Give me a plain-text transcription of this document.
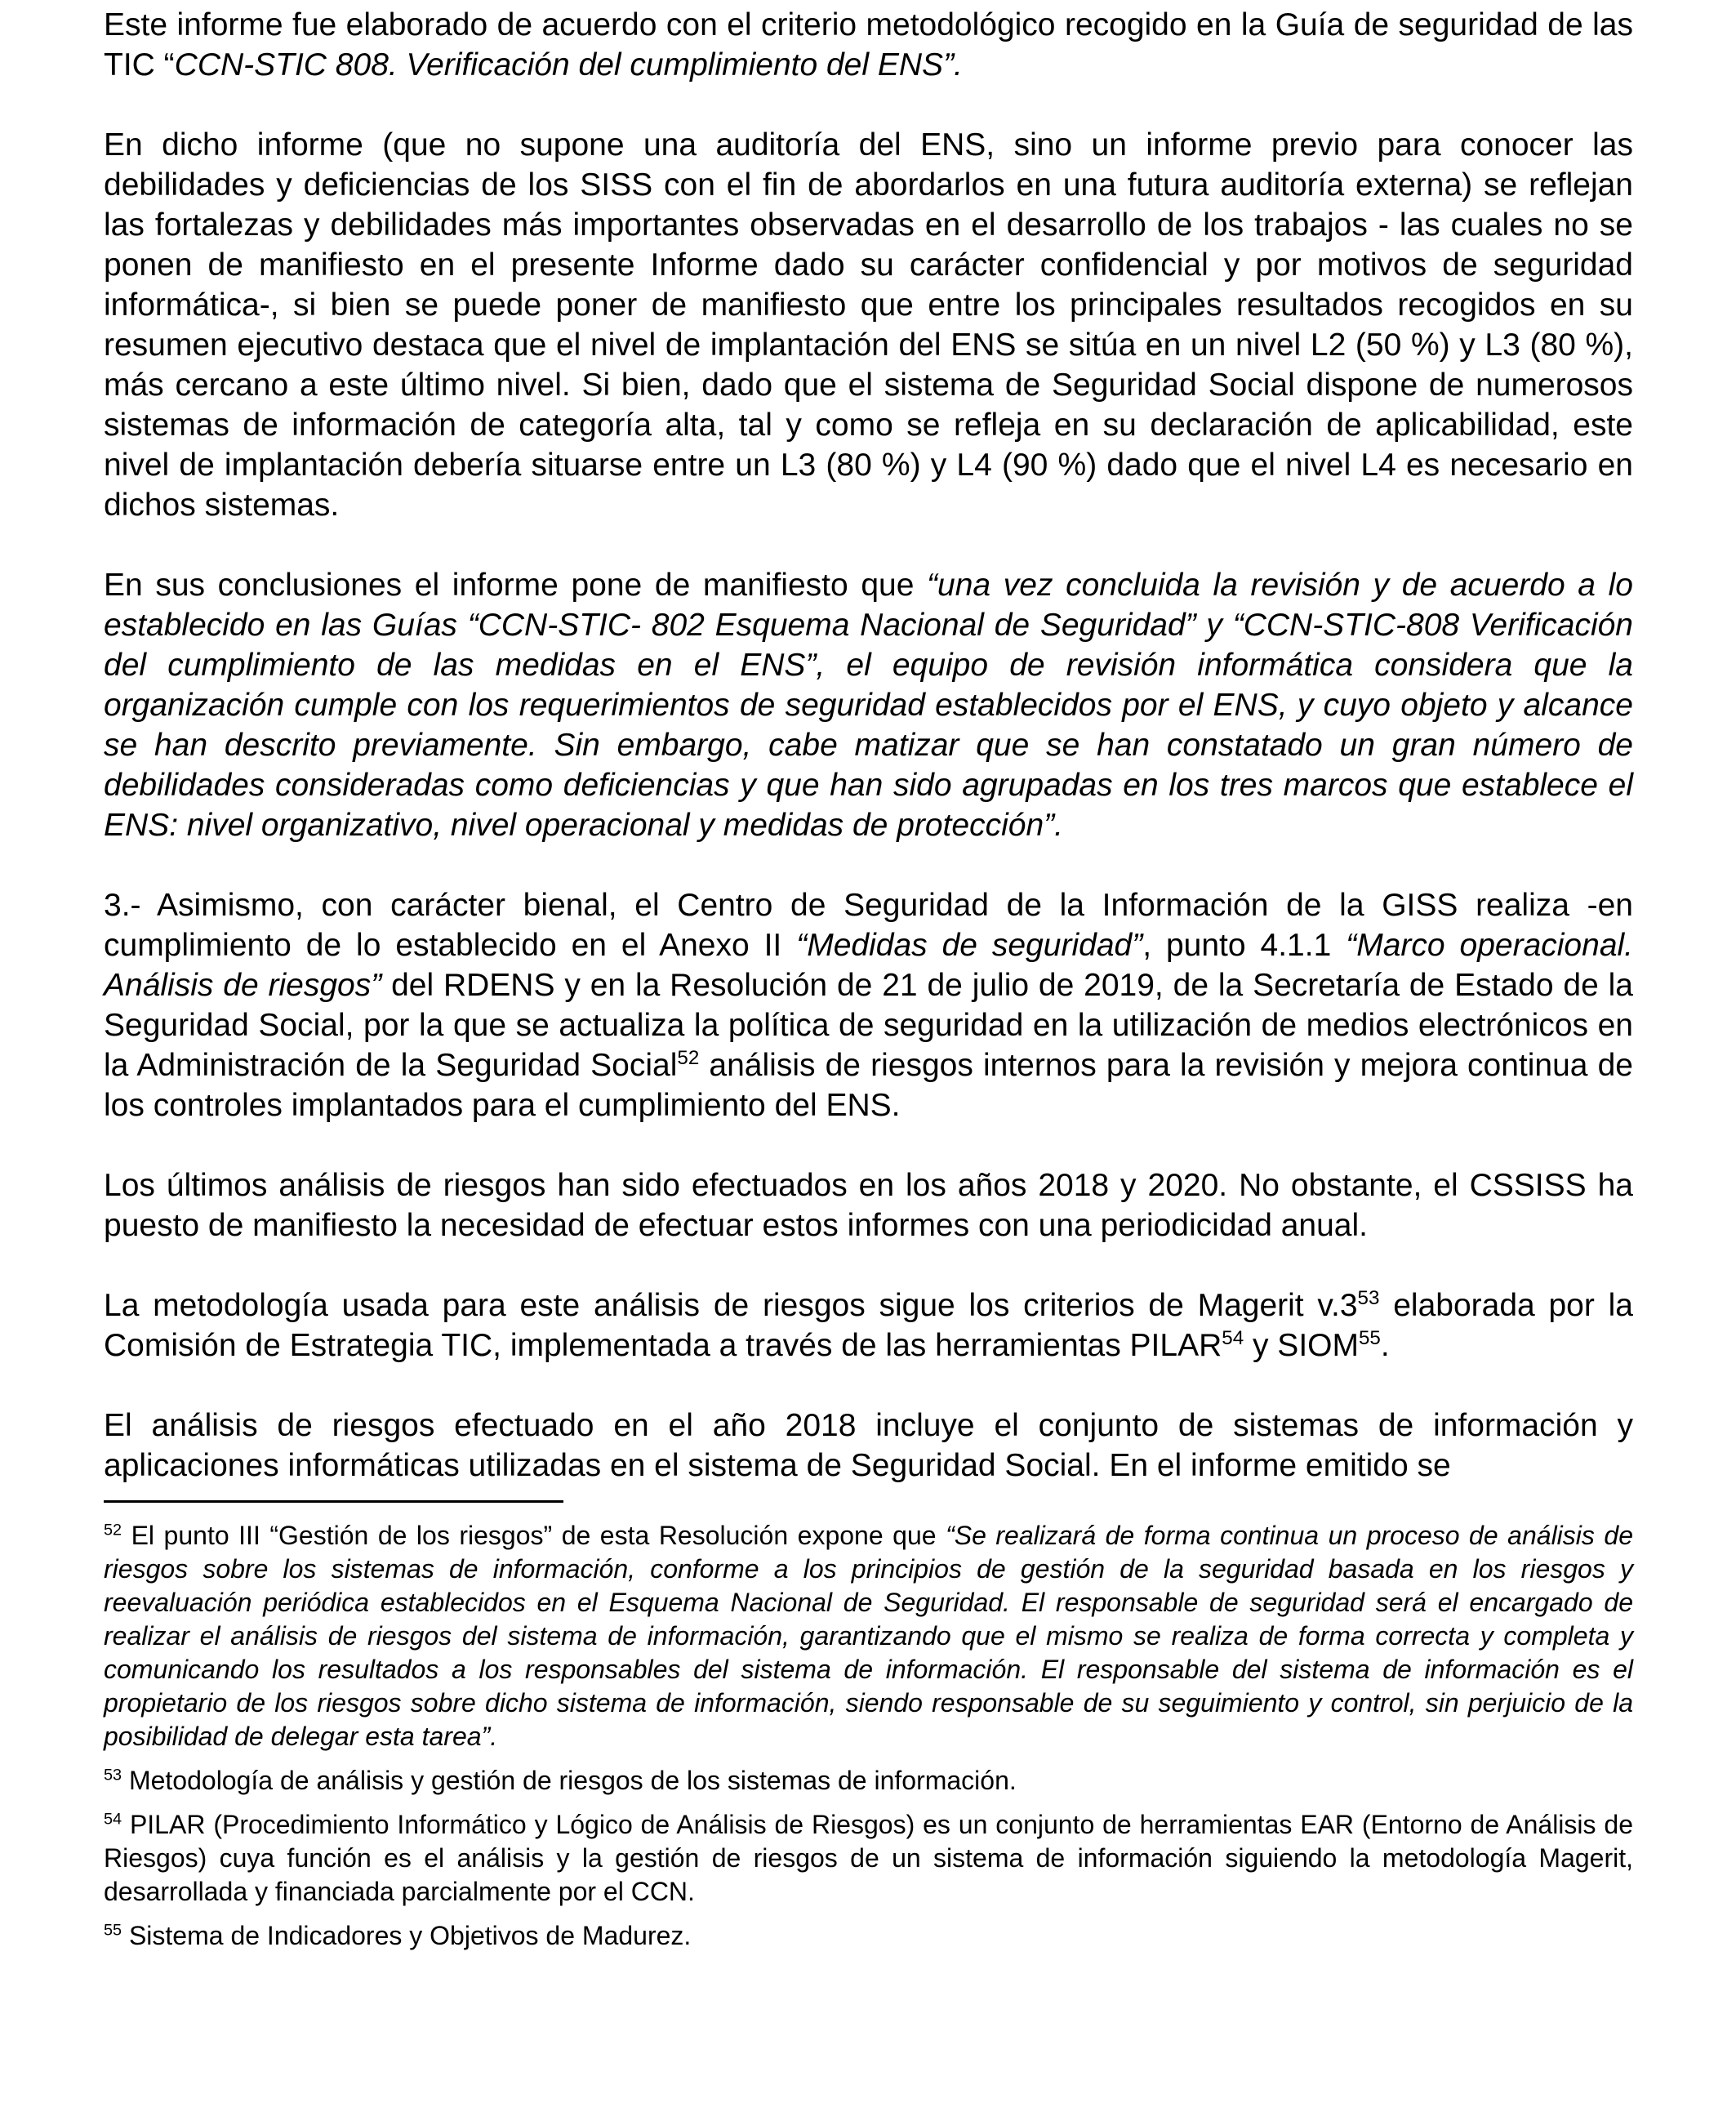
Este informe fue elaborado de acuerdo con el criterio metodológico recogido en la Guía de seguridad de las TIC “CCN-STIC 808. Verificación del cumplimiento del ENS”.

En dicho informe (que no supone una auditoría del ENS, sino un informe previo para conocer las debilidades y deficiencias de los SISS con el fin de abordarlos en una futura auditoría externa) se reflejan las fortalezas y debilidades más importantes observadas en el desarrollo de los trabajos - las cuales no se ponen de manifiesto en el presente Informe dado su carácter confidencial y por motivos de seguridad informática-, si bien se puede poner de manifiesto que entre los principales resultados recogidos en su resumen ejecutivo destaca que el nivel de implantación del ENS se sitúa en un nivel L2 (50 %) y L3 (80 %), más cercano a este último nivel. Si bien, dado que el sistema de Seguridad Social dispone de numerosos sistemas de información de categoría alta, tal y como se refleja en su declaración de aplicabilidad, este nivel de implantación debería situarse entre un L3 (80 %) y L4 (90 %) dado que el nivel L4 es necesario en dichos sistemas.

En sus conclusiones el informe pone de manifiesto que “una vez concluida la revisión y de acuerdo a lo establecido en las Guías “CCN-STIC- 802 Esquema Nacional de Seguridad” y “CCN-STIC-808 Verificación del cumplimiento de las medidas en el ENS”, el equipo de revisión informática considera que la organización cumple con los requerimientos de seguridad establecidos por el ENS, y cuyo objeto y alcance se han descrito previamente. Sin embargo, cabe matizar que se han constatado un gran número de debilidades consideradas como deficiencias y que han sido agrupadas en los tres marcos que establece el ENS: nivel organizativo, nivel operacional y medidas de protección”.

3.- Asimismo, con carácter bienal, el Centro de Seguridad de la Información de la GISS realiza -en cumplimiento de lo establecido en el Anexo II “Medidas de seguridad”, punto 4.1.1 “Marco operacional. Análisis de riesgos” del RDENS y en la Resolución de 21 de julio de 2019, de la Secretaría de Estado de la Seguridad Social, por la que se actualiza la política de seguridad en la utilización de medios electrónicos en la Administración de la Seguridad Social$^{52}$ análisis de riesgos internos para la revisión y mejora continua de los controles implantados para el cumplimiento del ENS.

Los últimos análisis de riesgos han sido efectuados en los años 2018 y 2020. No obstante, el CSSISS ha puesto de manifiesto la necesidad de efectuar estos informes con una periodicidad anual.

La metodología usada para este análisis de riesgos sigue los criterios de Magerit $v.3^{53}$ elaborada por la Comisión de Estrategia TIC, implementada a través de las herramientas PILAR$^{54}$ y SIOM$^{55}$.

El análisis de riesgos efectuado en el año 2018 incluye el conjunto de sistemas de información y aplicaciones informáticas utilizadas en el sistema de Seguridad Social. En el informe emitido se

$^{52}$ El punto III “Gestión de los riesgos” de esta Resolución expone que “Se realizará de forma continua un proceso de análisis de riesgos sobre los sistemas de información, conforme a los principios de gestión de la seguridad basada en los riesgos y reevaluación periódica establecidos en el Esquema Nacional de Seguridad. El responsable de seguridad será el encargado de realizar el análisis de riesgos del sistema de información, garantizando que el mismo se realiza de forma correcta y completa y comunicando los resultados a los responsables del sistema de información. El responsable del sistema de información es el propietario de los riesgos sobre dicho sistema de información, siendo responsable de su seguimiento y control, sin perjuicio de la posibilidad de delegar esta tarea”.

$^{53}$ Metodología de análisis y gestión de riesgos de los sistemas de información.

$^{54}$ PILAR (Procedimiento Informático y Lógico de Análisis de Riesgos) es un conjunto de herramientas EAR (Entorno de Análisis de Riesgos) cuya función es el análisis y la gestión de riesgos de un sistema de información siguiendo la metodología Magerit, desarrollada y financiada parcialmente por el CCN.

$^{55}$ Sistema de Indicadores y Objetivos de Madurez.
